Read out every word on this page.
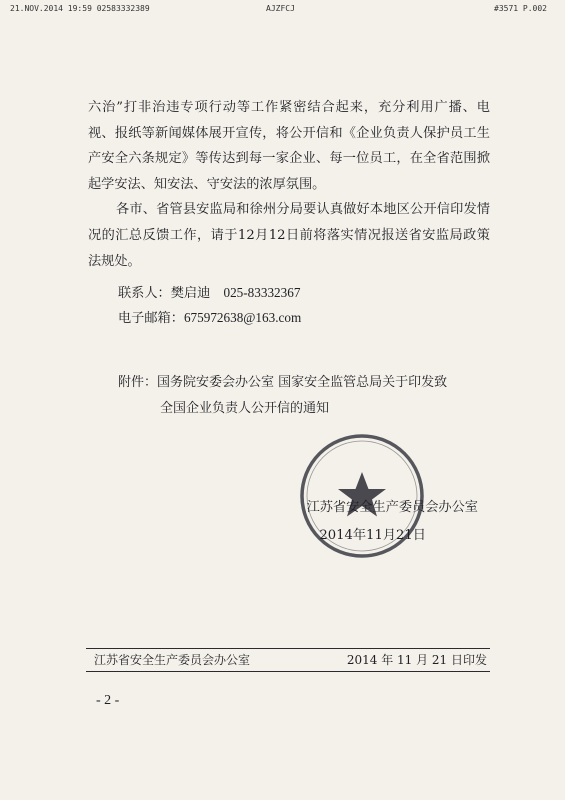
21.NOV.2014 19:59 02583332389	AJZFCJ	#3571 P.002

六治”打非治违专项行动等工作紧密结合起来，充分利用广播、电视、报纸等新闻媒体展开宣传，将公开信和《企业负责人保护员工生产安全六条规定》等传达到每一家企业、每一位员工，在全省范围掀起学安法、知安法、守安法的浓厚氛围。

各市、省管县安监局和徐州分局要认真做好本地区公开信印发情况的汇总反馈工作，请于12月12日前将落实情况报送省安监局政策法规处。

联系人：樊启迪　025-83332367
电子邮箱：675972638@163.com
附件：国务院安委会办公室 国家安全监管总局关于印发致
全国企业负责人公开信的通知
江苏省安全生产委员会办公室
2014年11月21日
江苏省安全生产委员会办公室	2014 年 11 月 21 日印发
- 2 -
